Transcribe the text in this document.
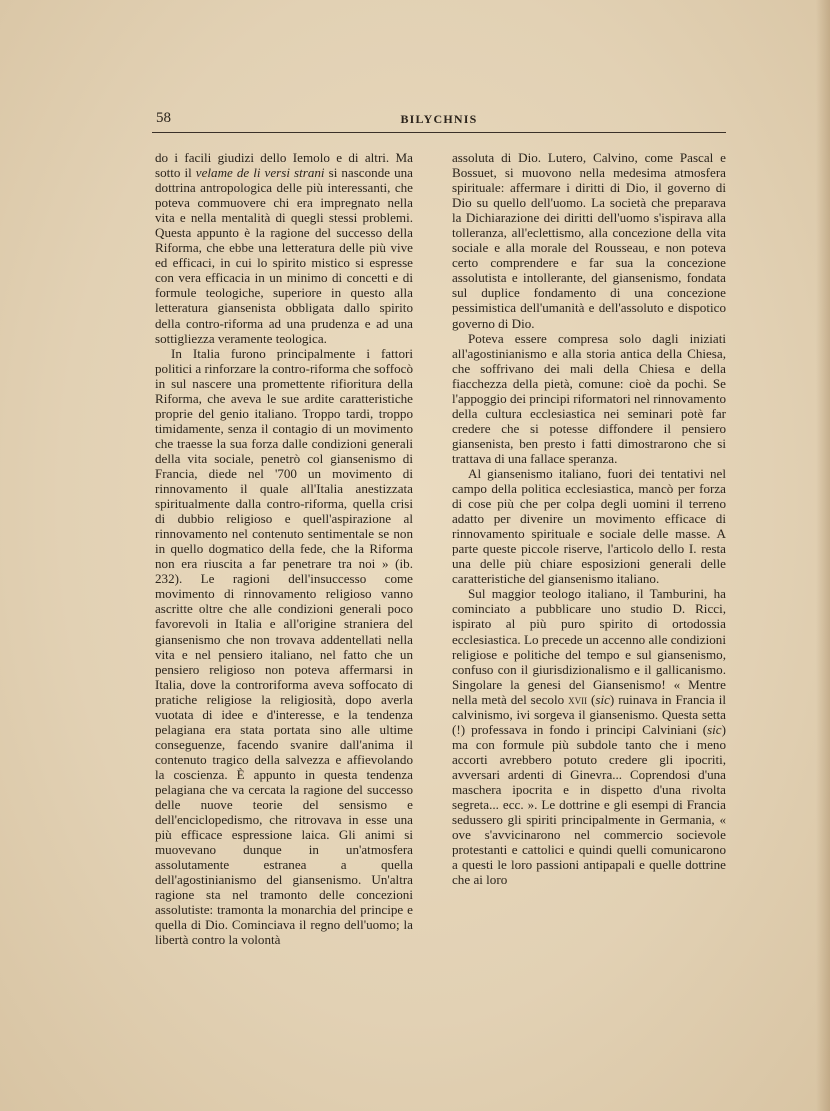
58	BILYCHNIS

do i facili giudizi dello Iemolo e di altri. Ma sotto il velame de li versi strani si nasconde una dottrina antropologica delle più interessanti, che poteva commuovere chi era impregnato nella vita e nella mentalità di quegli stessi problemi. Questa appunto è la ragione del successo della Riforma, che ebbe una letteratura delle più vive ed efficaci, in cui lo spirito mistico si espresse con vera efficacia in un minimo di concetti e di formule teologiche, superiore in questo alla letteratura giansenista obbligata dallo spirito della contro-riforma ad una prudenza e ad una sottigliezza veramente teologica.

In Italia furono principalmente i fattori politici a rinforzare la contro-riforma che soffocò in sul nascere una promettente rifioritura della Riforma, che aveva le sue ardite caratteristiche proprie del genio italiano. Troppo tardi, troppo timidamente, senza il contagio di un movimento che traesse la sua forza dalle condizioni generali della vita sociale, penetrò col giansenismo di Francia, diede nel '700 un movimento di rinnovamento il quale all'Italia anestizzata spiritualmente dalla contro-riforma, quella crisi di dubbio religioso e quell'aspirazione al rinnovamento nel contenuto sentimentale se non in quello dogmatico della fede, che la Riforma non era riuscita a far penetrare tra noi » (ib. 232). Le ragioni dell'insuccesso come movimento di rinnovamento religioso vanno ascritte oltre che alle condizioni generali poco favorevoli in Italia e all'origine straniera del giansenismo che non trovava addentellati nella vita e nel pensiero italiano, nel fatto che un pensiero religioso non poteva affermarsi in Italia, dove la controriforma aveva soffocato di pratiche religiose la religiosità, dopo averla vuotata di idee e d'interesse, e la tendenza pelagiana era stata portata sino alle ultime conseguenze, facendo svanire dall'anima il contenuto tragico della salvezza e affievolando la coscienza. È appunto in questa tendenza pelagiana che va cercata la ragione del successo delle nuove teorie del sensismo e dell'enciclopedismo, che ritrovava in esse una più efficace espressione laica. Gli animi si muovevano dunque in un'atmosfera assolutamente estranea a quella dell'agostinianismo del giansenismo. Un'altra ragione sta nel tramonto delle concezioni assolutiste: tramonta la monarchia del principe e quella di Dio. Cominciava il regno dell'uomo; la libertà contro la volontà

assoluta di Dio. Lutero, Calvino, come Pascal e Bossuet, si muovono nella medesima atmosfera spirituale: affermare i diritti di Dio, il governo di Dio su quello dell'uomo. La società che preparava la Dichiarazione dei diritti dell'uomo s'ispirava alla tolleranza, all'eclettismo, alla concezione della vita sociale e alla morale del Rousseau, e non poteva certo comprendere e far sua la concezione assolutista e intollerante, del giansenismo, fondata sul duplice fondamento di una concezione pessimistica dell'umanità e dell'assoluto e dispotico governo di Dio.

Poteva essere compresa solo dagli iniziati all'agostinianismo e alla storia antica della Chiesa, che soffrivano dei mali della Chiesa e della fiacchezza della pietà, comune: cioè da pochi. Se l'appoggio dei principi riformatori nel rinnovamento della cultura ecclesiastica nei seminari potè far credere che si potesse diffondere il pensiero giansenista, ben presto i fatti dimostrarono che si trattava di una fallace speranza.

Al giansenismo italiano, fuori dei tentativi nel campo della politica ecclesiastica, mancò per forza di cose più che per colpa degli uomini il terreno adatto per divenire un movimento efficace di rinnovamento spirituale e sociale delle masse. A parte queste piccole riserve, l'articolo dello I. resta una delle più chiare esposizioni generali delle caratteristiche del giansenismo italiano.

Sul maggior teologo italiano, il Tamburini, ha cominciato a pubblicare uno studio D. Ricci, ispirato al più puro spirito di ortodossia ecclesiastica. Lo precede un accenno alle condizioni religiose e politiche del tempo e sul giansenismo, confuso con il giurisdizionalismo e il gallicanismo. Singolare la genesi del Giansenismo! « Mentre nella metà del secolo xvii (sic) ruinava in Francia il calvinismo, ivi sorgeva il giansenismo. Questa setta (!) professava in fondo i principi Calviniani (sic) ma con formule più subdole tanto che i meno accorti avrebbero potuto credere gli ipocriti, avversari ardenti di Ginevra... Coprendosi d'una maschera ipocrita e in dispetto d'una rivolta segreta... ecc. ». Le dottrine e gli esempi di Francia sedussero gli spiriti principalmente in Germania, « ove s'avvicinarono nel commercio socievole protestanti e cattolici e quindi quelli comunicarono a questi le loro passioni antipapali e quelle dottrine che ai loro
